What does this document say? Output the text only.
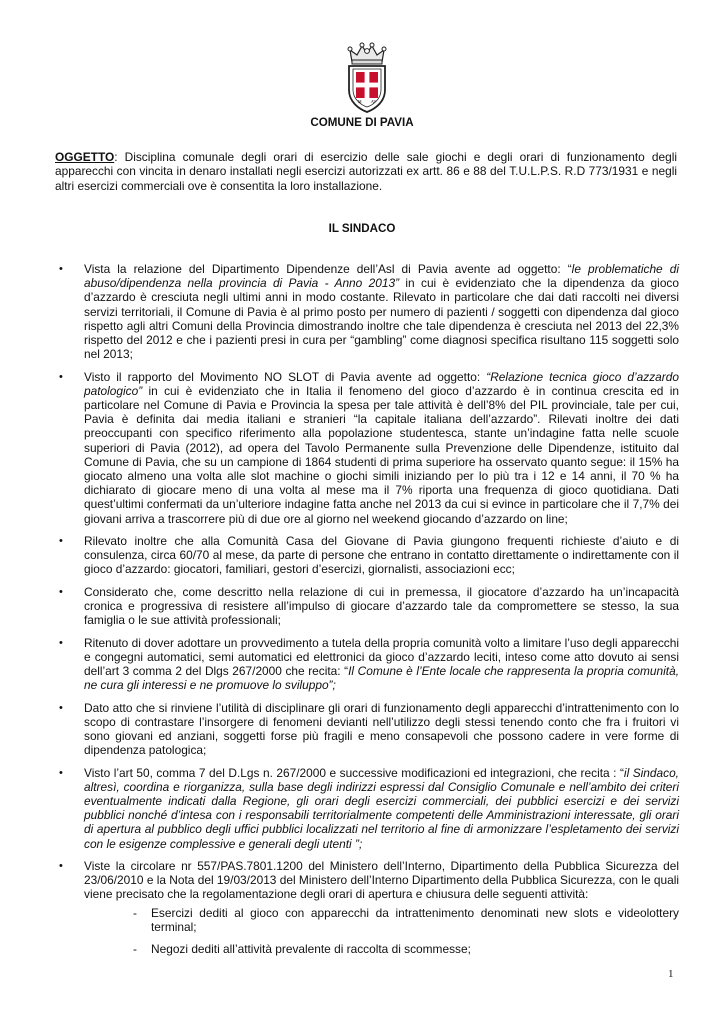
M AV
COMUNE DI PAVIA
OGGETTO: Disciplina comunale degli orari di esercizio delle sale giochi e degli orari di funzionamento degli apparecchi con vincita in denaro installati negli esercizi autorizzati ex artt. 86 e 88 del T.U.L.P.S. R.D 773/1931 e negli altri esercizi commerciali ove è consentita la loro installazione.
IL SINDACO
• Vista la relazione del Dipartimento Dipendenze dell’Asl di Pavia avente ad oggetto: “le problematiche di abuso/dipendenza nella provincia di Pavia - Anno 2013” in cui è evidenziato che la dipendenza da gioco d’azzardo è cresciuta negli ultimi anni in modo costante. Rilevato in particolare che dai dati raccolti nei diversi servizi territoriali, il Comune di Pavia è al primo posto per numero di pazienti / soggetti con dipendenza dal gioco rispetto agli altri Comuni della Provincia dimostrando inoltre che tale dipendenza è cresciuta nel 2013 del 22,3% rispetto del 2012 e che i pazienti presi in cura per “gambling” come diagnosi specifica risultano 115 soggetti solo nel 2013;
• Visto il rapporto del Movimento NO SLOT di Pavia avente ad oggetto: “Relazione tecnica gioco d’azzardo patologico” in cui è evidenziato che in Italia il fenomeno del gioco d’azzardo è in continua crescita ed in particolare nel Comune di Pavia e Provincia la spesa per tale attività è dell’8% del PIL provinciale, tale per cui, Pavia è definita dai media italiani e stranieri “la capitale italiana dell’azzardo”. Rilevati inoltre dei dati preoccupanti con specifico riferimento alla popolazione studentesca, stante un’indagine fatta nelle scuole superiori di Pavia (2012), ad opera del Tavolo Permanente sulla Prevenzione delle Dipendenze, istituito dal Comune di Pavia, che su un campione di 1864 studenti di prima superiore ha osservato quanto segue: il 15% ha giocato almeno una volta alle slot machine o giochi simili iniziando per lo più tra i 12 e 14 anni, il 70 % ha dichiarato di giocare meno di una volta al mese ma il 7% riporta una frequenza di gioco quotidiana. Dati quest’ultimi confermati da un’ulteriore indagine fatta anche nel 2013 da cui si evince in particolare che il 7,7% dei giovani arriva a trascorrere più di due ore al giorno nel weekend giocando d’azzardo on line;
• Rilevato inoltre che alla Comunità Casa del Giovane di Pavia giungono frequenti richieste d’aiuto e di consulenza, circa 60/70 al mese, da parte di persone che entrano in contatto direttamente o indirettamente con il gioco d’azzardo: giocatori, familiari, gestori d’esercizi, giornalisti, associazioni ecc;
• Considerato che, come descritto nella relazione di cui in premessa, il giocatore d’azzardo ha un’incapacità cronica e progressiva di resistere all’impulso di giocare d’azzardo tale da compromettere se stesso, la sua famiglia o le sue attività professionali;
• Ritenuto di dover adottare un provvedimento a tutela della propria comunità volto a limitare l’uso degli apparecchi e congegni automatici, semi automatici ed elettronici da gioco d’azzardo leciti, inteso come atto dovuto ai sensi dell’art 3 comma 2 del Dlgs 267/2000 che recita: “Il Comune è l’Ente locale che rappresenta la propria comunità, ne cura gli interessi e ne promuove lo sviluppo”;
• Dato atto che si rinviene l’utilità di disciplinare gli orari di funzionamento degli apparecchi d’intrattenimento con lo scopo di contrastare l’insorgere di fenomeni devianti nell’utilizzo degli stessi tenendo conto che fra i fruitori vi sono giovani ed anziani, soggetti forse più fragili e meno consapevoli che possono cadere in vere forme di dipendenza patologica;
• Visto l’art 50, comma 7 del D.Lgs n. 267/2000 e successive modificazioni ed integrazioni, che recita : “il Sindaco, altresì, coordina e riorganizza, sulla base degli indirizzi espressi dal Consiglio Comunale e nell’ambito dei criteri eventualmente indicati dalla Regione, gli orari degli esercizi commerciali, dei pubblici esercizi e dei servizi pubblici nonché d’intesa con i responsabili territorialmente competenti delle Amministrazioni interessate, gli orari di apertura al pubblico degli uffici pubblici localizzati nel territorio al fine di armonizzare l’espletamento dei servizi con le esigenze complessive e generali degli utenti ”;
• Viste la circolare nr 557/PAS.7801.1200 del Ministero dell’Interno, Dipartimento della Pubblica Sicurezza del 23/06/2010 e la Nota del 19/03/2013 del Ministero dell’Interno Dipartimento della Pubblica Sicurezza, con le quali viene precisato che la regolamentazione degli orari di apertura e chiusura delle seguenti attività:
- Esercizi dediti al gioco con apparecchi da intrattenimento denominati new slots e videolottery terminal;
- Negozi dediti all’attività prevalente di raccolta di scommesse;
1
